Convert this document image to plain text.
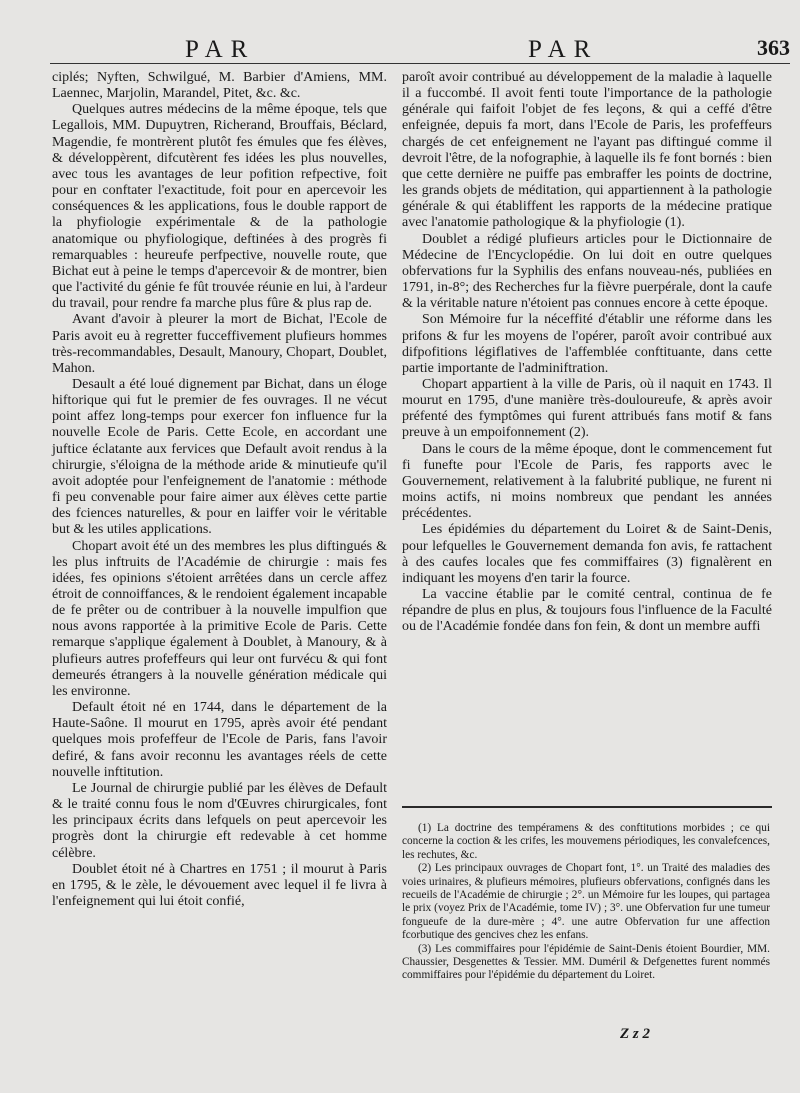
PAR	PAR	363

ciplés; Nyften, Schwilgué, M. Barbier d'Amiens, MM. Laennec, Marjolin, Marandel, Pitet, &c. &c.

Quelques autres médecins de la même époque, tels que Legallois, MM. Dupuytren, Richerand, Brouffais, Béclard, Magendie, fe montrèrent plutôt fes émules que fes élèves, & développèrent, difcutèrent fes idées les plus nouvelles, avec tous les avantages de leur pofition refpective, foit pour en conftater l'exactitude, foit pour en apercevoir les conséquences & les applications, fous le double rapport de la phyfiologie expérimentale & de la pathologie anatomique ou phyfiologique, deftinées à des progrès fi remarquables : heureufe perfpective, nouvelle route, que Bichat eut à peine le temps d'apercevoir & de montrer, bien que l'activité du génie fe fût trouvée réunie en lui, à l'ardeur du travail, pour rendre fa marche plus fûre & plus rap de.

Avant d'avoir à pleurer la mort de Bichat, l'Ecole de Paris avoit eu à regretter fucceffivement plufieurs hommes très-recommandables, Desault, Manoury, Chopart, Doublet, Mahon.

Desault a été loué dignement par Bichat, dans un éloge hiftorique qui fut le premier de fes ouvrages. Il ne vécut point affez long-temps pour exercer fon influence fur la nouvelle Ecole de Paris. Cette Ecole, en accordant une juftice éclatante aux fervices que Default avoit rendus à la chirurgie, s'éloigna de la méthode aride & minutieufe qu'il avoit adoptée pour l'enfeignement de l'anatomie : méthode fi peu convenable pour faire aimer aux élèves cette partie des fciences naturelles, & pour en laiffer voir le véritable but & les utiles applications.

Chopart avoit été un des membres les plus diftingués & les plus inftruits de l'Académie de chirurgie : mais fes idées, fes opinions s'étoient arrêtées dans un cercle affez étroit de connoiffances, & le rendoient également incapable de fe prêter ou de contribuer à la nouvelle impulfion que nous avons rapportée à la primitive Ecole de Paris. Cette remarque s'applique également à Doublet, à Manoury, & à plufieurs autres profeffeurs qui leur ont furvécu & qui font demeurés étrangers à la nouvelle génération médicale qui les environne.

Default étoit né en 1744, dans le département de la Haute-Saône. Il mourut en 1795, après avoir été pendant quelques mois profeffeur de l'Ecole de Paris, fans l'avoir defiré, & fans avoir reconnu les avantages réels de cette nouvelle inftitution.

Le Journal de chirurgie publié par les élèves de Default & le traité connu fous le nom d'Œuvres chirurgicales, font les principaux écrits dans lefquels on peut apercevoir les progrès dont la chirurgie eft redevable à cet homme célèbre.

Doublet étoit né à Chartres en 1751 ; il mourut à Paris en 1795, & le zèle, le dévouement avec lequel il fe livra à l'enfeignement qui lui étoit confié,

paroît avoir contribué au développement de la maladie à laquelle il a fuccombé. Il avoit fenti toute l'importance de la pathologie générale qui faifoit l'objet de fes leçons, & qui a ceffé d'être enfeignée, depuis fa mort, dans l'Ecole de Paris, les profeffeurs chargés de cet enfeignement ne l'ayant pas diftingué comme il devroit l'être, de la nofographie, à laquelle ils fe font bornés : bien que cette dernière ne puiffe pas embraffer les points de doctrine, les grands objets de méditation, qui appartiennent à la pathologie générale & qui établiffent les rapports de la médecine pratique avec l'anatomie pathologique & la phyfiologie (1).

Doublet a rédigé plufieurs articles pour le Dictionnaire de Médecine de l'Encyclopédie. On lui doit en outre quelques obfervations fur la Syphilis des enfans nouveau-nés, publiées en 1791, in-8°; des Recherches fur la fièvre puerpérale, dont la caufe & la véritable nature n'étoient pas connues encore à cette époque.

Son Mémoire fur la néceffité d'établir une réforme dans les prifons & fur les moyens de l'opérer, paroît avoir contribué aux difpofitions légiflatives de l'affemblée conftituante, dans cette partie importante de l'adminiftration.

Chopart appartient à la ville de Paris, où il naquit en 1743. Il mourut en 1795, d'une manière très-douloureufe, & après avoir préfenté des fymptômes qui furent attribués fans motif & fans preuve à un empoifonnement (2).

Dans le cours de la même époque, dont le commencement fut fi funefte pour l'Ecole de Paris, fes rapports avec le Gouvernement, relativement à la falubrité publique, ne furent ni moins actifs, ni moins nombreux que pendant les années précédentes.

Les épidémies du département du Loiret & de Saint-Denis, pour lefquelles le Gouvernement demanda fon avis, fe rattachent à des caufes locales que fes commiffaires (3) fignalèrent en indiquant les moyens d'en tarir la fource.

La vaccine établie par le comité central, continua de fe répandre de plus en plus, & toujours fous l'influence de la Faculté ou de l'Académie fondée dans fon fein, & dont un membre auffi

(1) La doctrine des tempéramens & des conftitutions morbides ; ce qui concerne la coction & les crifes, les mouvemens périodiques, les convalefcences, les rechutes, &c.

(2) Les principaux ouvrages de Chopart font, 1°. un Traité des maladies des voies urinaires, & plufieurs mémoires, plufieurs obfervations, confignés dans les recueils de l'Académie de chirurgie ; 2°. un Mémoire fur les loupes, qui partagea le prix (voyez Prix de l'Académie, tome IV) ; 3°. une Obfervation fur une tumeur fongueufe de la dure-mère ; 4°. une autre Obfervation fur une affection fcorbutique des gencives chez les enfans.

(3) Les commiffaires pour l'épidémie de Saint-Denis étoient Bourdier, MM. Chaussier, Desgenettes & Tessier. MM. Duméril & Defgenettes furent nommés commiffaires pour l'épidémie du département du Loiret.

Z z 2
